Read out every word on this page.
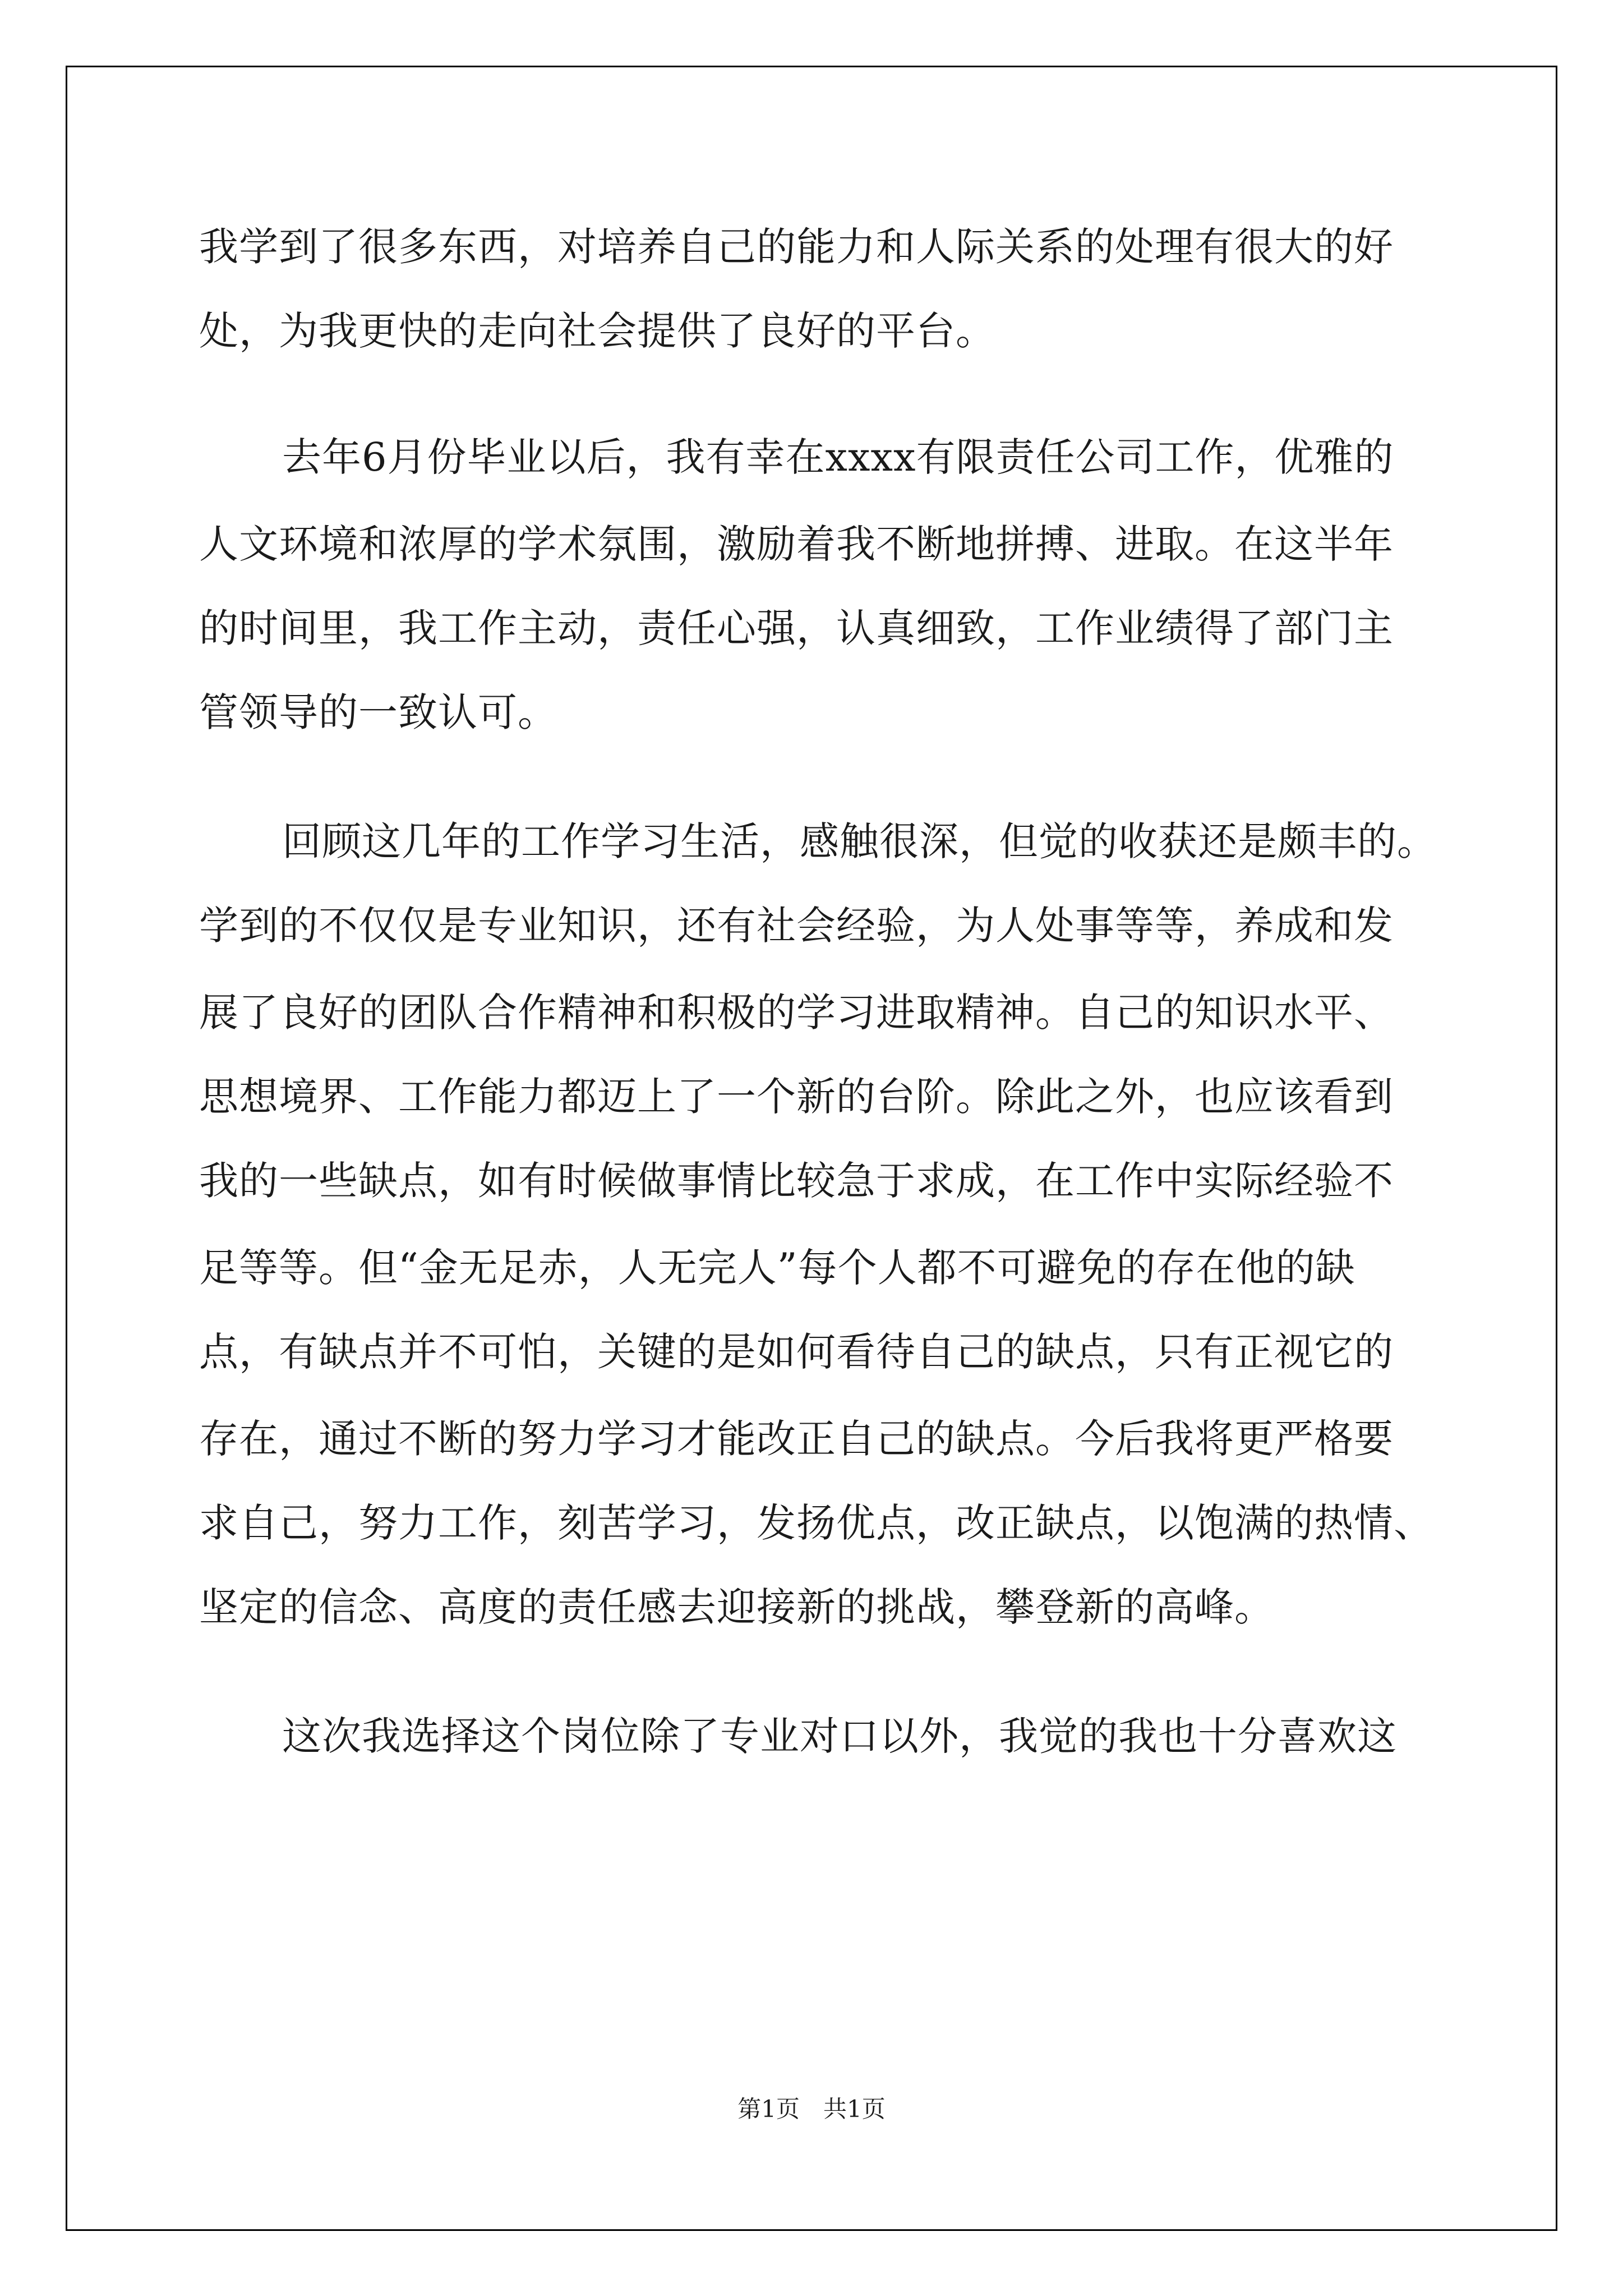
我学到了很多东西，对培养自己的能力和人际关系的处理有很大的好
处，为我更快的走向社会提供了良好的平台。
去年6月份毕业以后，我有幸在xxxx有限责任公司工作，优雅的
人文环境和浓厚的学术氛围，激励着我不断地拼搏、进取。在这半年
的时间里，我工作主动，责任心强，认真细致，工作业绩得了部门主
管领导的一致认可。
回顾这几年的工作学习生活，感触很深，但觉的收获还是颇丰的。
学到的不仅仅是专业知识，还有社会经验，为人处事等等，养成和发
展了良好的团队合作精神和积极的学习进取精神。自己的知识水平、
思想境界、工作能力都迈上了一个新的台阶。除此之外，也应该看到
我的一些缺点，如有时候做事情比较急于求成，在工作中实际经验不
足等等。但“金无足赤，人无完人”每个人都不可避免的存在他的缺
点，有缺点并不可怕，关键的是如何看待自己的缺点，只有正视它的
存在，通过不断的努力学习才能改正自己的缺点。今后我将更严格要
求自己，努力工作，刻苦学习，发扬优点，改正缺点，以饱满的热情、
坚定的信念、高度的责任感去迎接新的挑战，攀登新的高峰。
这次我选择这个岗位除了专业对口以外，我觉的我也十分喜欢这
第1页　共1页
